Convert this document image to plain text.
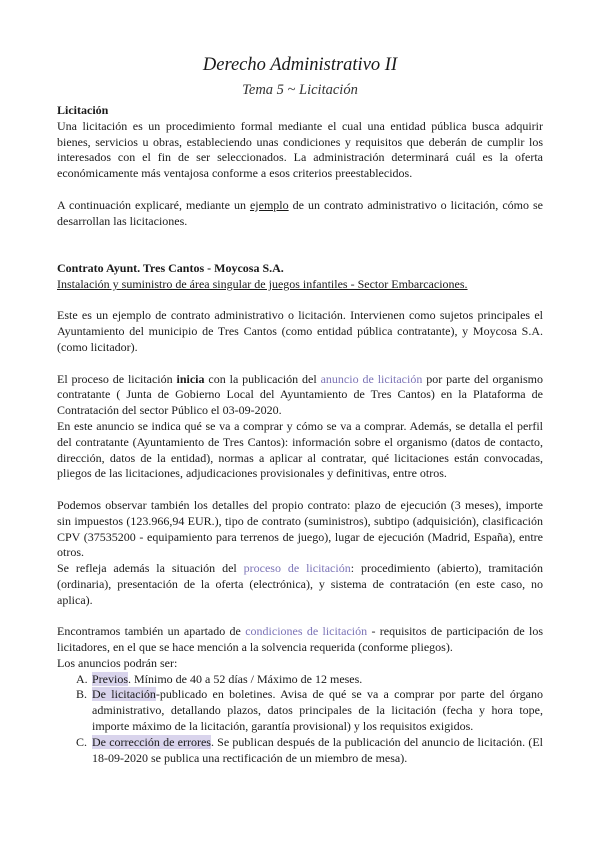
Derecho Administrativo II
Tema 5 ~ Licitación

Licitación

Una licitación es un procedimiento formal mediante el cual una entidad pública busca adquirir bienes, servicios u obras, estableciendo unas condiciones y requisitos que deberán de cumplir los interesados con el fin de ser seleccionados. La administración determinará cuál es la oferta económicamente más ventajosa conforme a esos criterios preestablecidos.

A continuación explicaré, mediante un ejemplo de un contrato administrativo o licitación, cómo se desarrollan las licitaciones.

Contrato Ayunt. Tres Cantos - Moycosa S.A.

Instalación y suministro de área singular de juegos infantiles - Sector Embarcaciones.

Este es un ejemplo de contrato administrativo o licitación. Intervienen como sujetos principales el Ayuntamiento del municipio de Tres Cantos (como entidad pública contratante), y Moycosa S.A. (como licitador).

El proceso de licitación inicia con la publicación del anuncio de licitación por parte del organismo contratante ( Junta de Gobierno Local del Ayuntamiento de Tres Cantos) en la Plataforma de Contratación del sector Público el 03-09-2020.

En este anuncio se indica qué se va a comprar y cómo se va a comprar. Además, se detalla el perfil del contratante (Ayuntamiento de Tres Cantos): información sobre el organismo (datos de contacto, dirección, datos de la entidad), normas a aplicar al contratar, qué licitaciones están convocadas, pliegos de las licitaciones, adjudicaciones provisionales y definitivas, entre otros.

Podemos observar también los detalles del propio contrato: plazo de ejecución (3 meses), importe sin impuestos (123.966,94 EUR.), tipo de contrato (suministros), subtipo (adquisición), clasificación CPV (37535200 - equipamiento para terrenos de juego), lugar de ejecución (Madrid, España), entre otros.

Se refleja además la situación del proceso de licitación: procedimiento (abierto), tramitación (ordinaria), presentación de la oferta (electrónica), y sistema de contratación (en este caso, no aplica).

Encontramos también un apartado de condiciones de licitación - requisitos de participación de los licitadores, en el que se hace mención a la solvencia requerida (conforme pliegos).

Los anuncios podrán ser:

A. Previos. Mínimo de 40 a 52 días / Máximo de 12 meses.
B. De licitación-publicado en boletines. Avisa de qué se va a comprar por parte del órgano administrativo, detallando plazos, datos principales de la licitación (fecha y hora tope, importe máximo de la licitación, garantía provisional) y los requisitos exigidos.
C. De corrección de errores. Se publican después de la publicación del anuncio de licitación. (El 18-09-2020 se publica una rectificación de un miembro de mesa).
